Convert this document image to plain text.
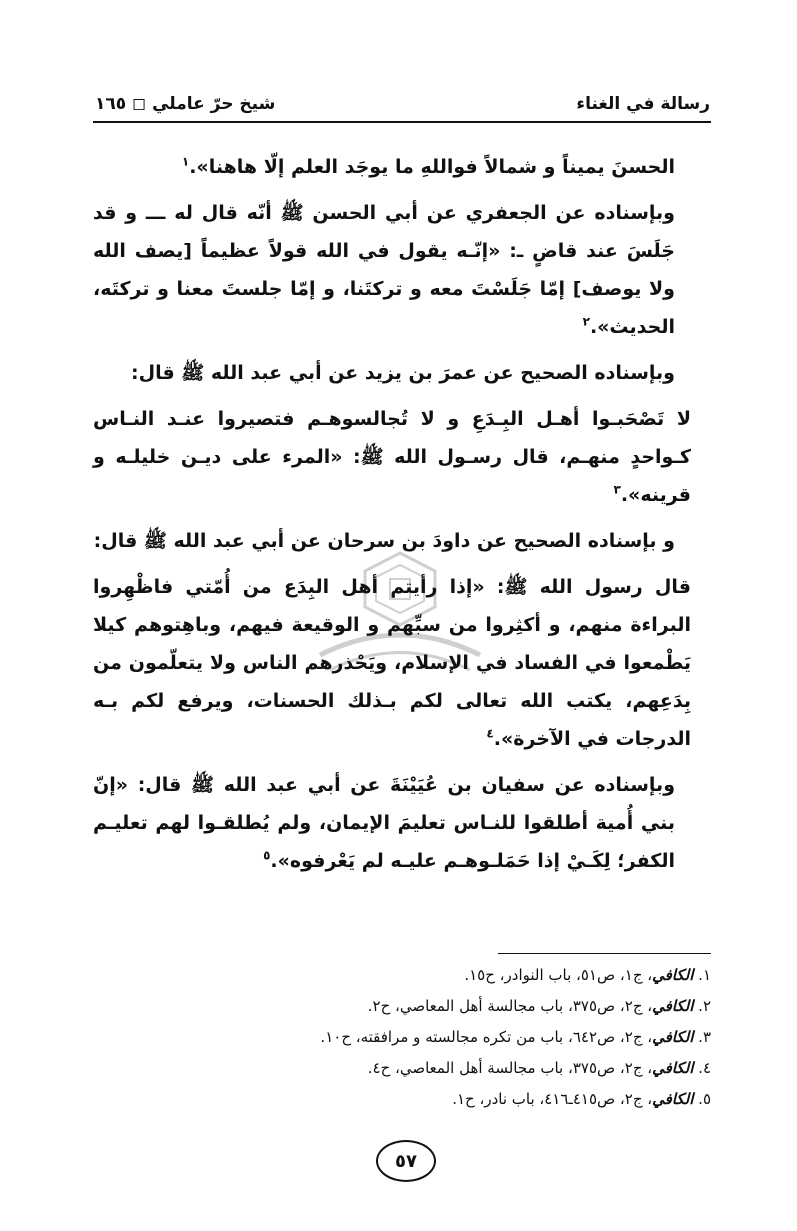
رسالة في الغناء
شيخ حرّ عاملي ◻ ١٦٥

الحسنَ يميناً و شمالاً فواللهِ ما يوجَد العلم إلّا هاهنا».$^١$

وبإسناده عن الجعفري عن أبي الحسن ﷺ أنّه قال له ـــ و قد جَلَسَ عند قاضٍ ـ: «إنّـه يقول في الله قولاً عظيماً [يصف الله ولا يوصف] إمّا جَلَسْتَ معه و تركتَنا، و إمّا جلستَ معنا و تركتَه، الحديث».$^٢$

وبإسناده الصحيح عن عمرَ بن يزيد عن أبي عبد الله ﷺ قال:

لا تَصْحَبـوا أهـل البِـدَعِ و لا تُجالسوهـم فتصيروا عنـد النـاس كـواحدٍ منهـم، قال رسـول الله ﷺ: «المرء على ديـن خليلـه و قرينه».$^٣$

و بإسناده الصحيح عن داودَ بن سرحان عن أبي عبد الله ﷺ قال:

قال رسول الله ﷺ: «إذا رأيتم أهل البِدَع من أُمّتي فاظْهِروا البراءة منهم، و أكثِروا من سبِّهم و الوقيعة فيهم، وباهِتوهم كيلا يَطْمعوا في الفساد في الإسلام، ويَحْذرهم الناس ولا يتعلّمون من بِدَعِهم، يكتب الله تعالى لكم بـذلك الحسنات، ويرفع لكم بـه الدرجات في الآخرة».$^٤$

وبإسناده عن سفيان بن عُيَيْنَةَ عن أبي عبد الله ﷺ قال: «إنّ بني أُمية أطلقوا للنـاس تعليمَ الإيمان، ولم يُطلقـوا لهم تعليـم الكفر؛ لِكَـيْ إذا حَمَلـوهـم عليـه لم يَعْرفوه».$^٥$

١. الكافي، ج١، ص٥١، باب النوادر، ح١٥.
٢. الكافي، ج٢، ص٣٧٥، باب مجالسة أهل المعاصي، ح٢.
٣. الكافي، ج٢، ص٦٤٢، باب من تكره مجالسته و مرافقته، ح١٠.
٤. الكافي، ج٢، ص٣٧٥، باب مجالسة أهل المعاصي، ح٤.
٥. الكافي، ج٢، ص٤١٥ـ٤١٦، باب نادر، ح١.
٥٧
